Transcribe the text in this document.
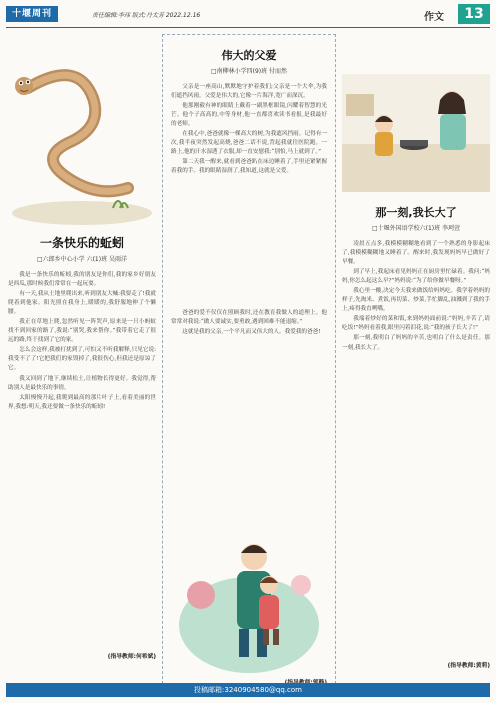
十堰周刊	责任编辑:李玮 版式:丹太芳 2022.12.16	作文	13
一条快乐的蚯蚓
□六郎乡中心小学 六(1)班 吴雨洋

我是一条快乐的蚯蚓,我的朋友是你们,我的家乡好朋友是西瓜,那时候我们常常在一起玩耍。

有一天,我从土地里爬出来,听到朋友大喊:我要走了!我就爬着到他家。阳光照在我身上,暖暖的,我舒服地伸了个懒腰。

我正在草地上爬,忽然听见一阵哭声,原来是一只小蚂蚁找不到回家的路了,我说:“别哭,我来帮你。”我带着它走了很远的路,终于找到了它的家。

怎么会这样,我被打扰到了,可怕又不听我解释,只见它说:我受不了了!它把我们的家毁掉了,我很伤心,但我还是原谅了它。

我又回到了地下,继续松土,让植物长得更好。我觉得,帮助别人是最快乐的事情。

太阳慢慢升起,我爬到最高的那片叶子上,看着美丽的世界,我想:明天,我还要做一条快乐的蚯蚓!

(指导教师:何希斌)
伟大的父爱
□南柳林小学四(9)班 付而然

父亲是一座高山,默默地守护着我们;父亲是一个大伞,为我们遮挡风雨。父爱是伟大的,它像一片海洋,宽广而深沉。

他那刚毅有神的眼睛上戴着一副黑框眼镜,闪耀着智慧的光芒。他个子高高的,中等身材,他一直都喜欢读书看报,是我最好的老师。

在我心中,爸爸就像一棵高大的树,为我遮风挡雨。记得有一次,我半夜突然发起高烧,爸爸二话不说,背起我就往医院跑。一路上,他的汗水湿透了衣服,却一直安慰我:“别怕,马上就到了。”

第二天我一醒来,就看到爸爸趴在床边睡着了,手里还紧紧握着我的手。我的眼睛湿润了,我知道,这就是父爱。

爸爸的爱不仅仅在照顾我时,还在教育我做人的道理上。他常常对我说:“做人要诚实,要勇敢,遇到困难不能退缩。”

这就是我的父亲,一个平凡而又伟大的人。我爱我的爸爸!

那一刻,我长大了
□十堰外国语学校六(1)班 李珂萱

凌晨五点多,我模模糊糊地看到了一个熟悉的身影起床了,我模模糊糊地又睡着了。醒来时,我发现妈妈早已做好了早餐。

到了早上,我起床看见妈妈正在厨房里忙碌着。我问:“妈妈,你怎么起这么早?”妈妈说:“为了给你做早餐呀。”

我心里一酸,决定今天我来做饭给妈妈吃。我学着妈妈的样子,先淘米、煮饭,再切菜、炒菜,手忙脚乱,油溅到了我的手上,疼得我直咧嘴。

我端着炒好的菜和饭,来到妈妈面前说:“妈妈,辛苦了,请吃饭!”妈妈看着我,眼里闪着泪花,说:“我的孩子长大了!”

那一刻,我明白了妈妈的辛苦,也明白了什么是责任。那一刻,我长大了。

(指导教师:黄莉)
投稿邮箱:3240904580@qq.com
